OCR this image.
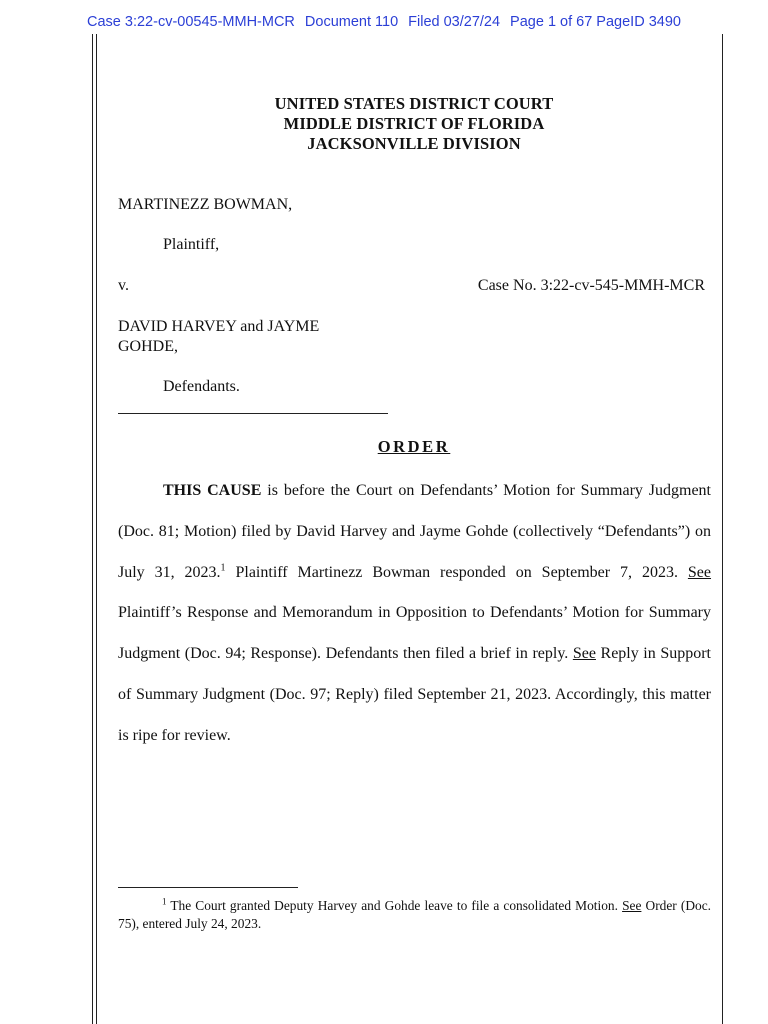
Case 3:22-cv-00545-MMH-MCR Document 110 Filed 03/27/24 Page 1 of 67 PageID 3490
UNITED STATES DISTRICT COURT
MIDDLE DISTRICT OF FLORIDA
JACKSONVILLE DIVISION
MARTINEZZ BOWMAN,
Plaintiff,
v.	Case No. 3:22-cv-545-MMH-MCR
DAVID HARVEY and JAYME
GOHDE,
Defendants.
ORDER

THIS CAUSE is before the Court on Defendants’ Motion for Summary Judgment (Doc. 81; Motion) filed by David Harvey and Jayme Gohde (collectively “Defendants”) on July 31, 2023.$^1$ Plaintiff Martinezz Bowman responded on September 7, 2023. See Plaintiff’s Response and Memorandum in Opposition to Defendants’ Motion for Summary Judgment (Doc. 94; Response). Defendants then filed a brief in reply. See Reply in Support of Summary Judgment (Doc. 97; Reply) filed September 21, 2023. Accordingly, this matter is ripe for review.

$^1$ The Court granted Deputy Harvey and Gohde leave to file a consolidated Motion. See Order (Doc. 75), entered July 24, 2023.
